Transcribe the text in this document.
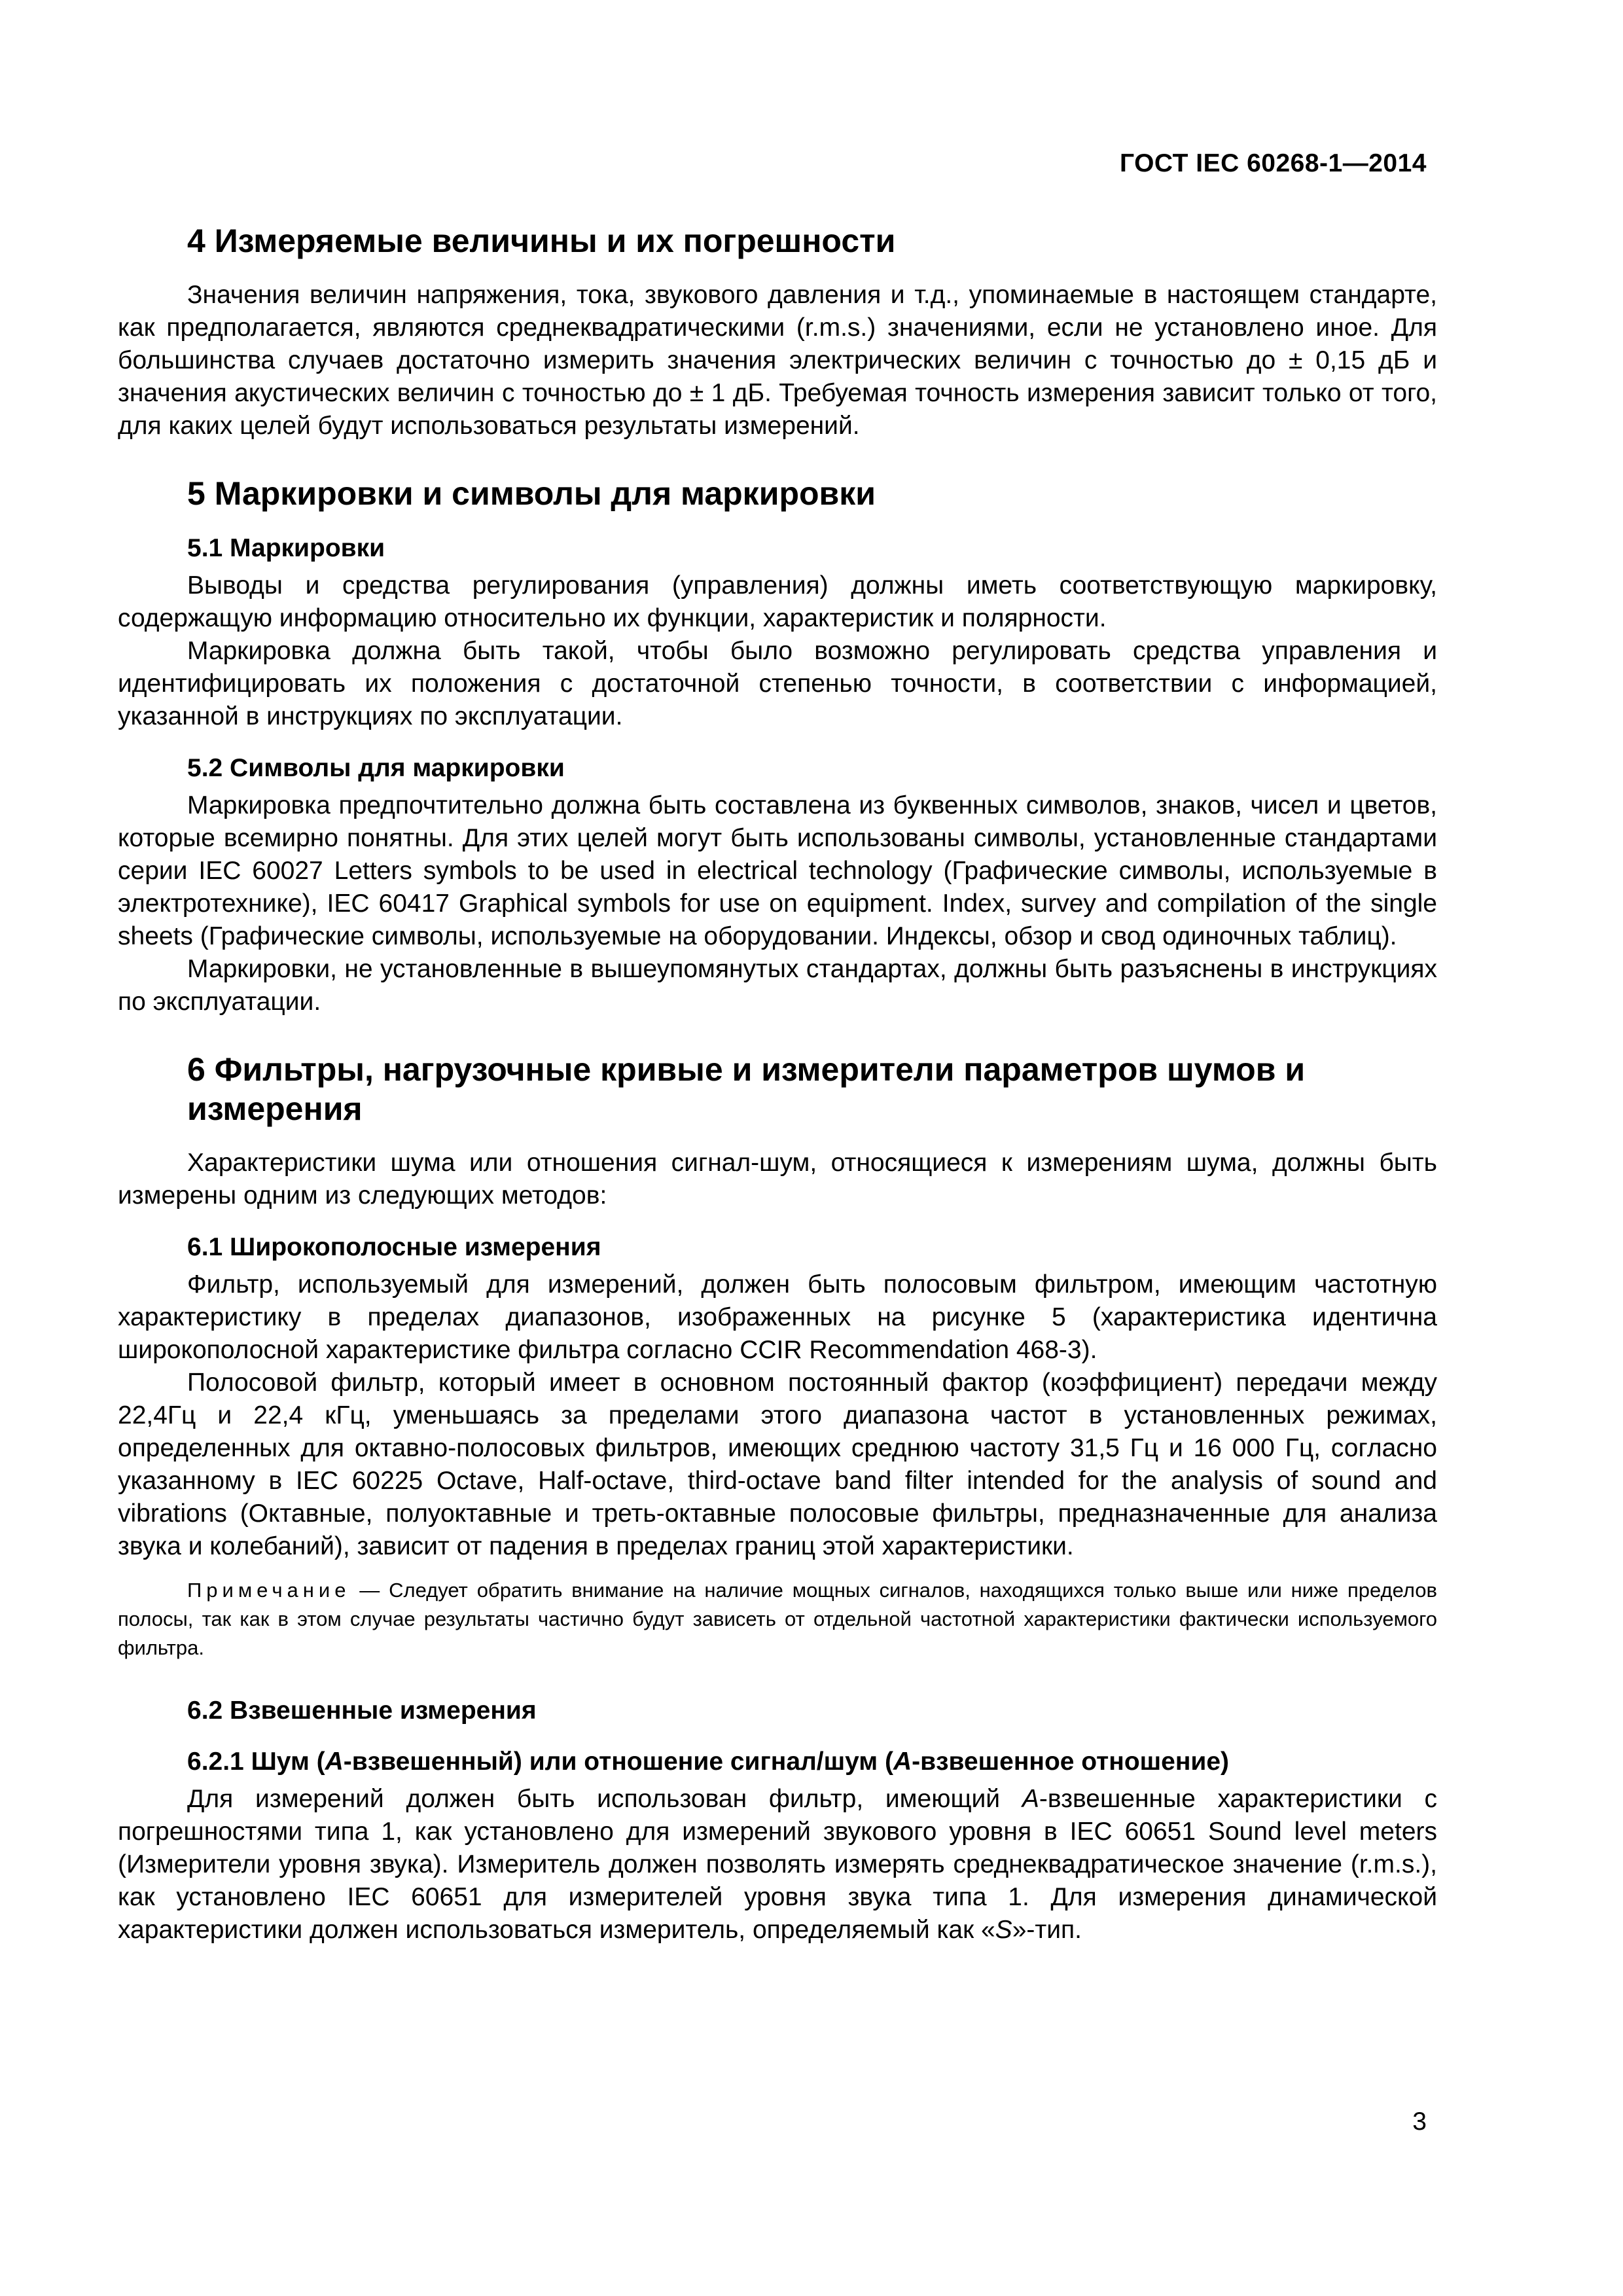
ГОСТ IEC 60268-1—2014
4 Измеряемые величины и их погрешности

Значения величин напряжения, тока, звукового давления и т.д., упоминаемые в настоящем стандарте, как предполагается, являются среднеквадратическими (r.m.s.) значениями, если не установлено иное. Для большинства случаев достаточно измерить значения электрических величин с точностью до ± 0,15 дБ и значения акустических величин с точностью до ± 1 дБ. Требуемая точность измерения зависит только от того, для каких целей будут использоваться результаты измерений.

5 Маркировки и символы для маркировки
5.1 Маркировки

Выводы и средства регулирования (управления) должны иметь соответствующую маркировку, содержащую информацию относительно их функции, характеристик и полярности.

Маркировка должна быть такой, чтобы было возможно регулировать средства управления и идентифицировать их положения с достаточной степенью точности, в соответствии с информацией, указанной в инструкциях по эксплуатации.

5.2 Символы для маркировки

Маркировка предпочтительно должна быть составлена из буквенных символов, знаков, чисел и цветов, которые всемирно понятны. Для этих целей могут быть использованы символы, установленные стандартами серии IEC 60027 Letters symbols to be used in electrical technology (Графические символы, используемые в электротехнике), IEC 60417 Graphical symbols for use on equipment. Index, survey and compilation of the single sheets (Графические символы, используемые на оборудовании. Индексы, обзор и свод одиночных таблиц).

Маркировки, не установленные в вышеупомянутых стандартах, должны быть разъяснены в инструкциях по эксплуатации.

6 Фильтры, нагрузочные кривые и измерители параметров шумов и измерения

Характеристики шума или отношения сигнал-шум, относящиеся к измерениям шума, должны быть измерены одним из следующих методов:

6.1 Широкополосные измерения

Фильтр, используемый для измерений, должен быть полосовым фильтром, имеющим частотную характеристику в пределах диапазонов, изображенных на рисунке 5 (характеристика идентична широкополосной характеристике фильтра согласно CCIR Recommendation 468-3).

Полосовой фильтр, который имеет в основном постоянный фактор (коэффициент) передачи между 22,4Гц и 22,4 кГц, уменьшаясь за пределами этого диапазона частот в установленных режимах, определенных для октавно-полосовых фильтров, имеющих среднюю частоту 31,5 Гц и 16 000 Гц, согласно указанному в IEC 60225 Octave, Half-octave, third-octave band filter intended for the analysis of sound and vibrations (Октавные, полуоктавные и треть-октавные полосовые фильтры, предназначенные для анализа звука и колебаний), зависит от падения в пределах границ этой характеристики.

Примечание — Следует обратить внимание на наличие мощных сигналов, находящихся только выше или ниже пределов полосы, так как в этом случае результаты частично будут зависеть от отдельной частотной характеристики фактически используемого фильтра.

6.2 Взвешенные измерения
6.2.1 Шум (A-взвешенный) или отношение сигнал/шум (A-взвешенное отношение)

Для измерений должен быть использован фильтр, имеющий A-взвешенные характеристики с погрешностями типа 1, как установлено для измерений звукового уровня в IEC 60651 Sound level meters (Измерители уровня звука). Измеритель должен позволять измерять среднеквадратическое значение (r.m.s.), как установлено IEC 60651 для измерителей уровня звука типа 1. Для измерения динамической характеристики должен использоваться измеритель, определяемый как «S»-тип.

3
